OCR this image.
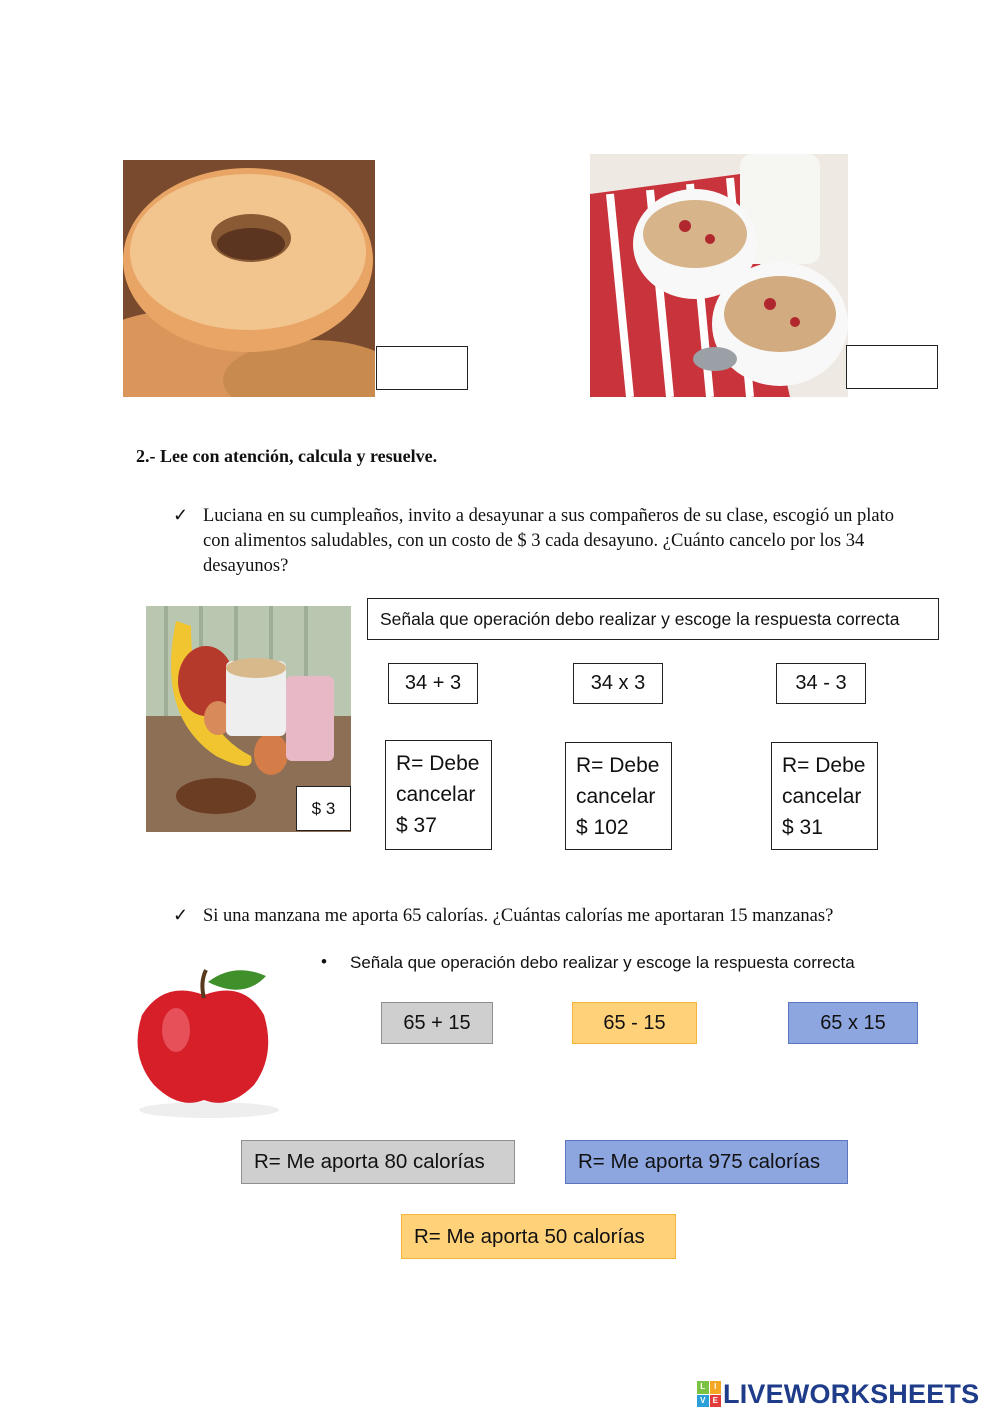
2.- Lee con atención, calcula y resuelve.
✓ Luciana en su cumpleaños, invito a desayunar a sus compañeros de su clase, escogió un plato con alimentos saludables, con un costo de $ 3 cada desayuno. ¿Cuánto cancelo por los 34 desayunos?
$ 3
Señala que operación debo realizar y escoge la respuesta correcta
34 + 3	34 x 3	34 - 3
R= Debe
cancelar
$ 37
R= Debe
cancelar
$ 102
R= Debe
cancelar
$ 31
✓ Si una manzana me aporta 65 calorías. ¿Cuántas calorías me aportaran 15 manzanas?
• Señala que operación debo realizar y escoge la respuesta correcta
65 + 15	65 - 15	65 x 15
R= Me aporta 80 calorías	R= Me aporta 975 calorías
R= Me aporta 50 calorías
L	I
V E LIVEWORKSHEETS
